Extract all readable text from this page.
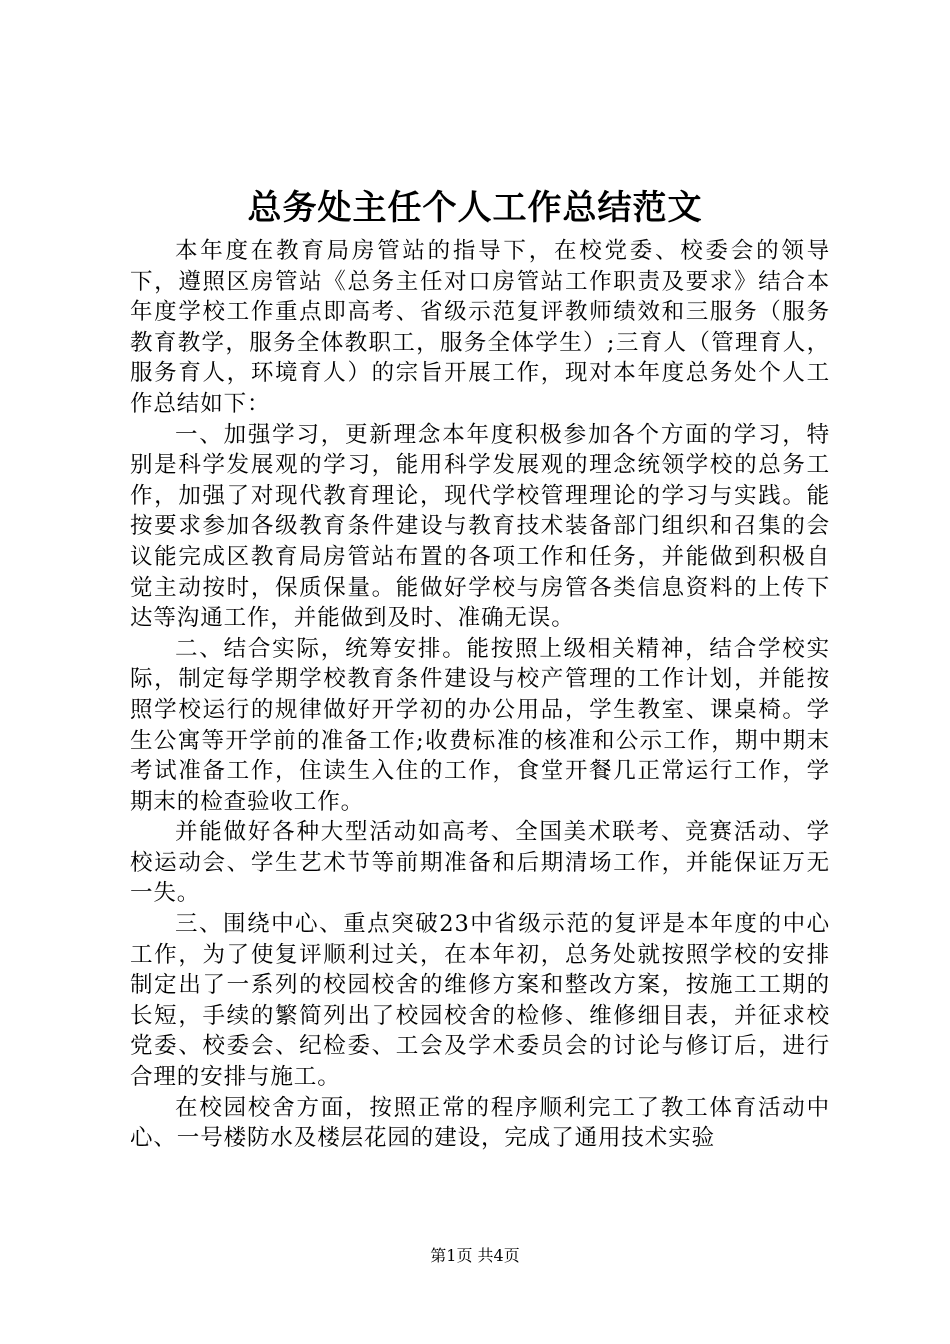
总务处主任个人工作总结范文

本年度在教育局房管站的指导下，在校党委、校委会的领导下，遵照区房管站《总务主任对口房管站工作职责及要求》结合本年度学校工作重点即高考、省级示范复评教师绩效和三服务（服务教育教学，服务全体教职工，服务全体学生）;三育人（管理育人，服务育人，环境育人）的宗旨开展工作，现对本年度总务处个人工作总结如下：

一、加强学习，更新理念本年度积极参加各个方面的学习，特别是科学发展观的学习，能用科学发展观的理念统领学校的总务工作，加强了对现代教育理论，现代学校管理理论的学习与实践。能按要求参加各级教育条件建设与教育技术装备部门组织和召集的会议能完成区教育局房管站布置的各项工作和任务，并能做到积极自觉主动按时，保质保量。能做好学校与房管各类信息资料的上传下达等沟通工作，并能做到及时、准确无误。

二、结合实际，统筹安排。能按照上级相关精神，结合学校实际，制定每学期学校教育条件建设与校产管理的工作计划，并能按照学校运行的规律做好开学初的办公用品，学生教室、课桌椅。学生公寓等开学前的准备工作;收费标准的核准和公示工作，期中期末考试准备工作，住读生入住的工作，食堂开餐几正常运行工作，学期末的检查验收工作。

并能做好各种大型活动如高考、全国美术联考、竞赛活动、学校运动会、学生艺术节等前期准备和后期清场工作，并能保证万无一失。

三、围绕中心、重点突破23中省级示范的复评是本年度的中心工作，为了使复评顺利过关，在本年初，总务处就按照学校的安排制定出了一系列的校园校舍的维修方案和整改方案，按施工工期的长短，手续的繁简列出了校园校舍的检修、维修细目表，并征求校党委、校委会、纪检委、工会及学术委员会的讨论与修订后，进行合理的安排与施工。

在校园校舍方面，按照正常的程序顺利完工了教工体育活动中心、一号楼防水及楼层花园的建设，完成了通用技术实验

第1页 共4页
